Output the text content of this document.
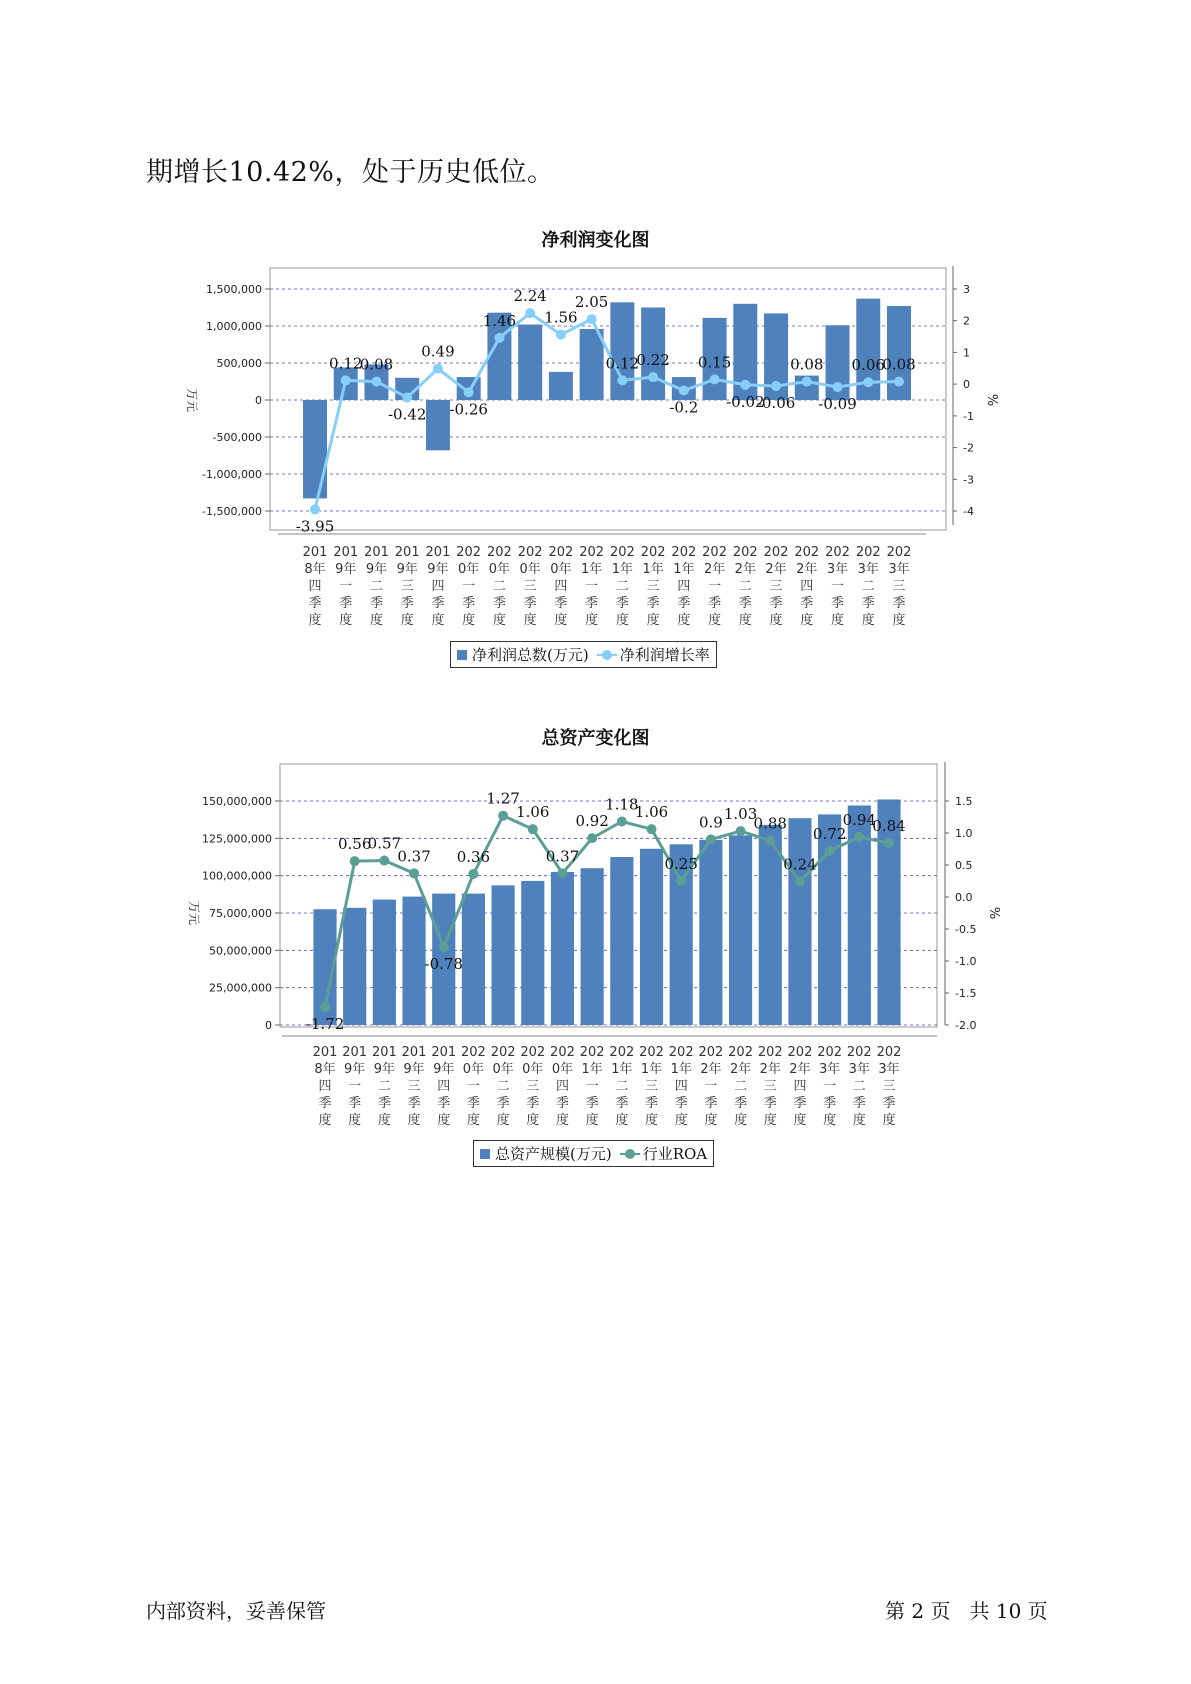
期增长10.42%，处于历史低位。
净利润变化图
1,500,000
1,000,000
500,000
0
-500,000
-1,000,000
-1,500,000
3
2
1
0
-1
-2
-3
-4
万元	%
201
8年
四
季
度
201
9年
一
季
度
201
9年
二
季
度
201
9年
三
季
度
201
9年
四
季
度
202
0年
一
季
度
202
0年
二
季
度
202
0年
三
季
度
202
0年
四
季
度
202
1年
一
季
度
202
1年
二
季
度
202
1年
三
季
度
202
1年
四
季
度
202
2年
一
季
度
202
2年
二
季
度
202
2年
三
季
度
202
2年
四
季
度
202
3年
一
季
度
202
3年
二
季
度
202
3年
三
季
度
-3.95
0.12
0.08
-0.42
0.49
-0.26
1.46
2.24
1.56
2.05
0.12
0.22
-0.2
0.15
-0.02
-0.06
0.08
-0.09
0.06
0.08
净利润总数(万元) 净利润增长率
总资产变化图
150,000,000
125,000,000
100,000,000
75,000,000
50,000,000
25,000,000
0
1.5
1.0
0.5
0.0
-0.5
-1.0
-1.5
-2.0
万元	%
201
8年
四
季
度
201
9年
一
季
度
201
9年
二
季
度
201
9年
三
季
度
201
9年
四
季
度
202
0年
一
季
度
202
0年
二
季
度
202
0年
三
季
度
202
0年
四
季
度
202
1年
一
季
度
202
1年
二
季
度
202
1年
三
季
度
202
1年
四
季
度
202
2年
一
季
度
202
2年
二
季
度
202
2年
三
季
度
202
2年
四
季
度
202
3年
一
季
度
202
3年
二
季
度
202
3年
三
季
度
-1.72
0.56
0.57
0.37
-0.78
0.36
1.27
1.06
0.37
0.92
1.18
1.06
0.25
0.9 1.03
0.88
0.24
0.72
0.94
0.84
总资产规模(万元) 行业ROA
内部资料，妥善保管	第 2 页   共 10 页
